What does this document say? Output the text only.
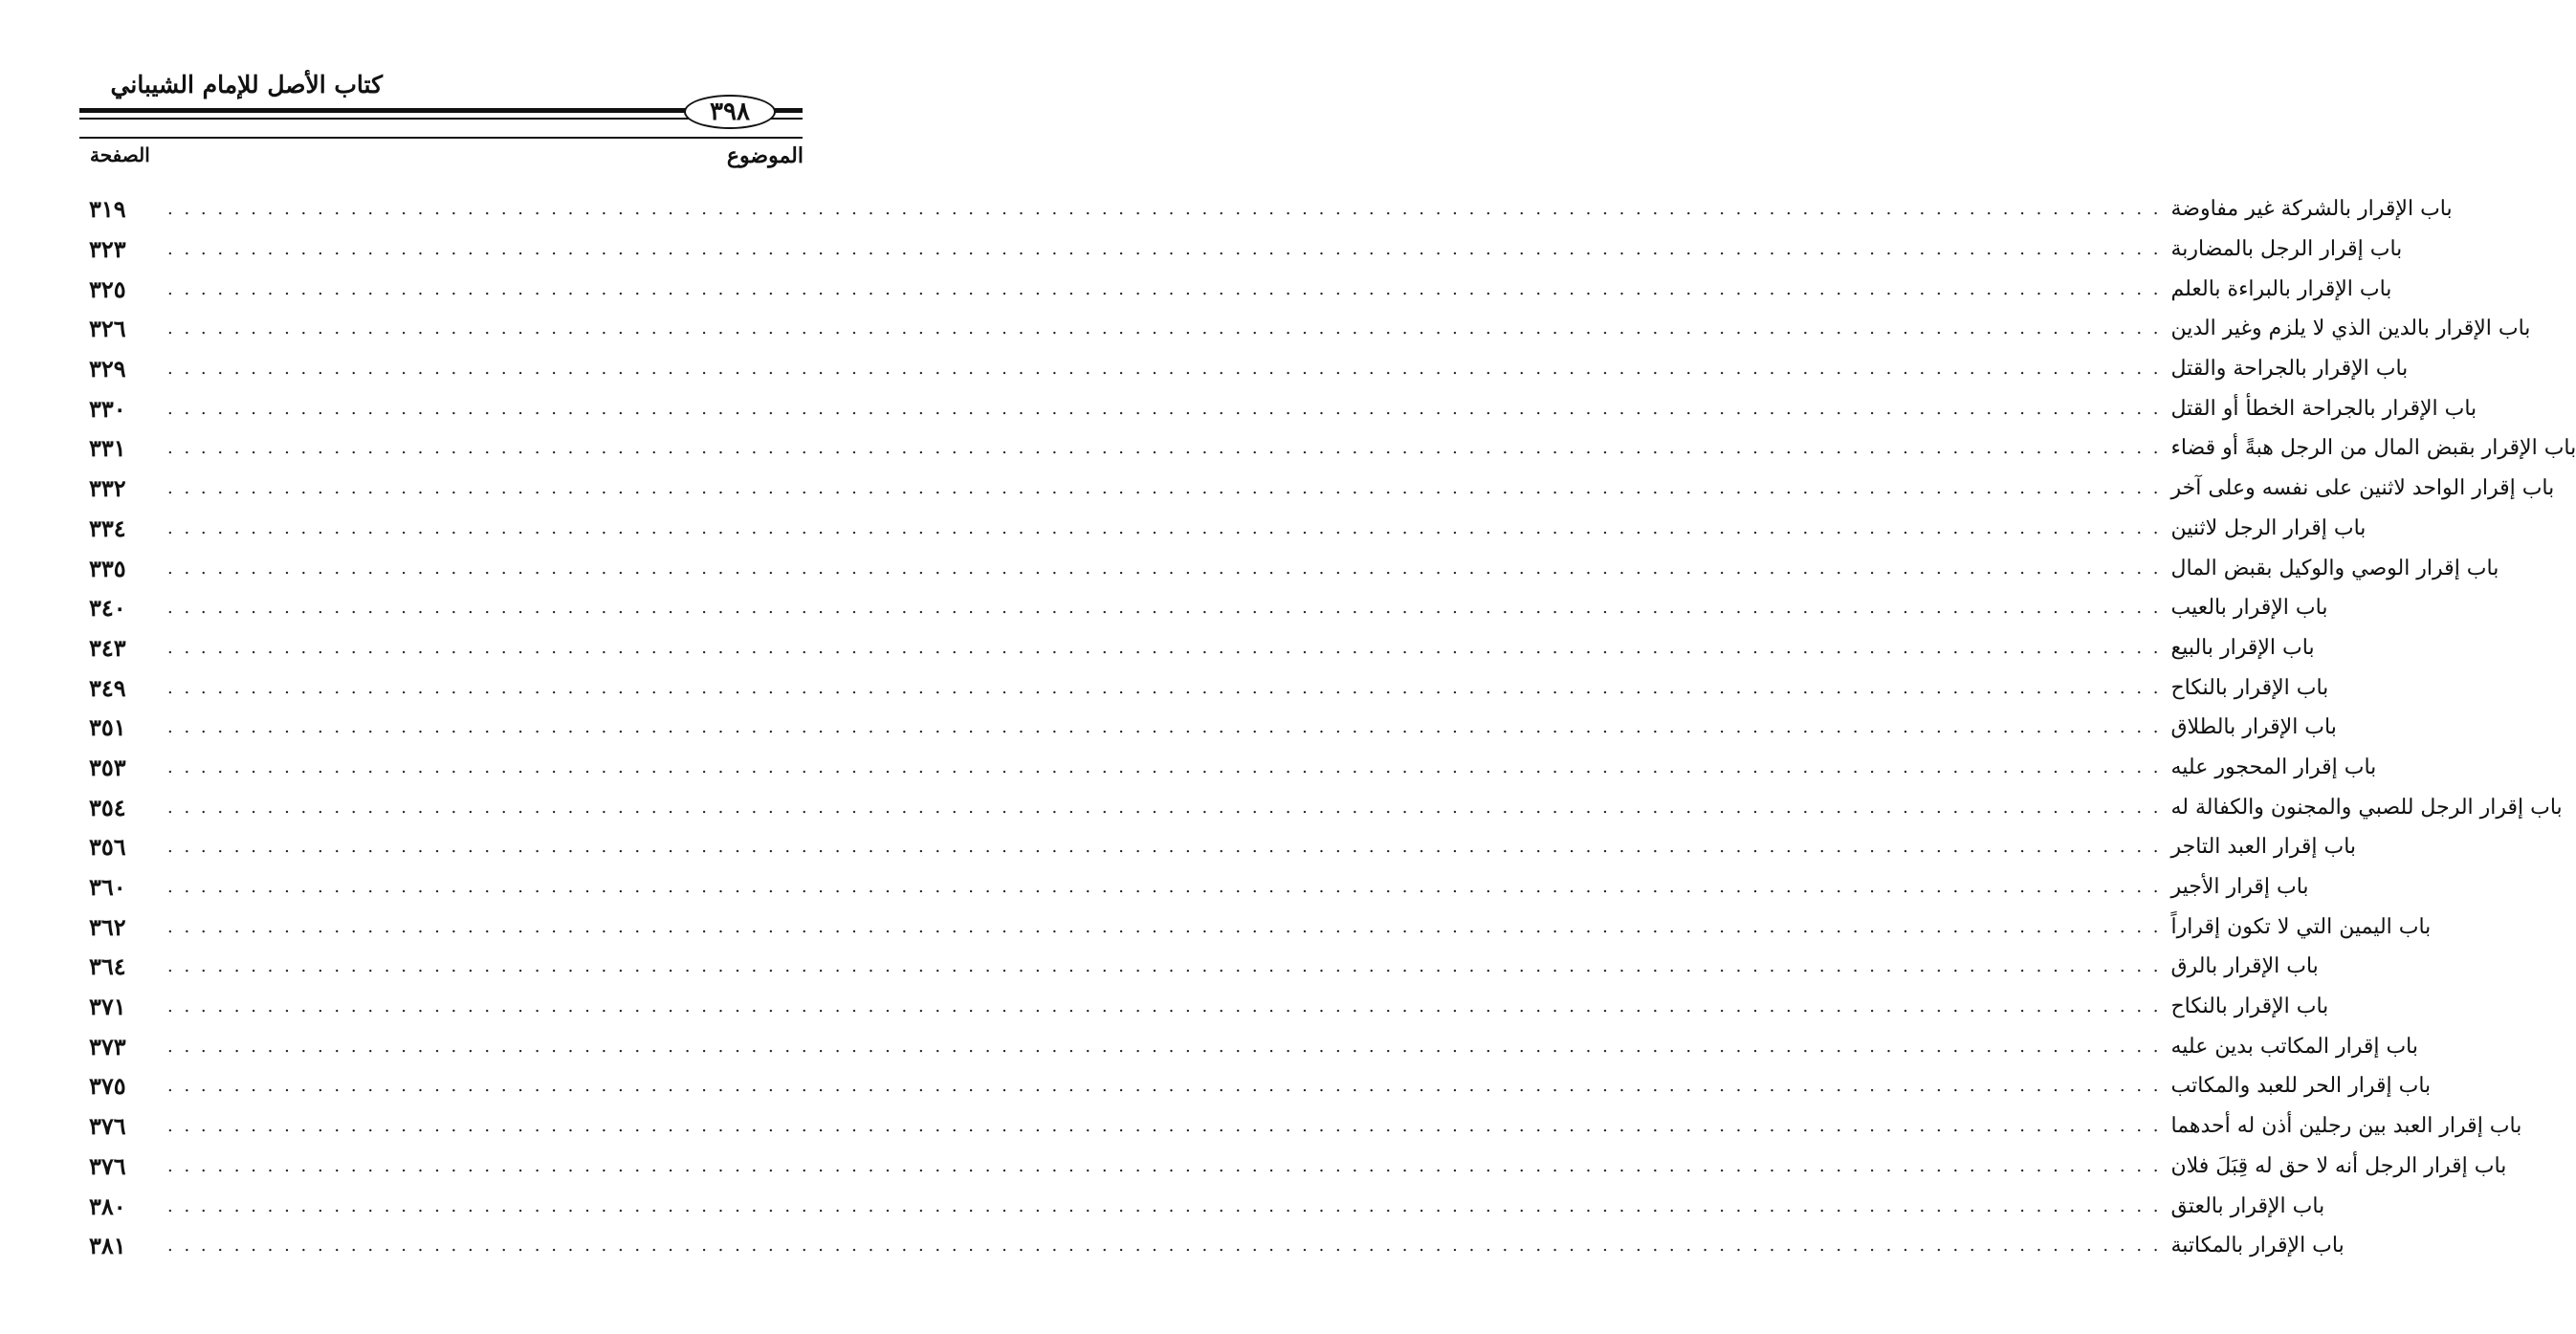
كتاب الأصل للإمام الشيباني
٣٩٨
الموضوع
الصفحة
٣١٩	. . . . . . . . . . . . . . . . . . . . . . . . . . . . . . . . . . . . . . . . . . . . . . . . . . . . . . . . . . . . . . . . . . . . . . . . . . . . . . . . . . . . . . . . . . . . . . . . . . . . . . . . . . . . . . . . . . . . . . . . باب الإقرار بالشركة غير مفاوضة
٣٢٣	. . . . . . . . . . . . . . . . . . . . . . . . . . . . . . . . . . . . . . . . . . . . . . . . . . . . . . . . . . . . . . . . . . . . . . . . . . . . . . . . . . . . . . . . . . . . . . . . . . . . . . . . . . . . . . . . . . . . . . . . باب إقرار الرجل بالمضاربة
٣٢٥	. . . . . . . . . . . . . . . . . . . . . . . . . . . . . . . . . . . . . . . . . . . . . . . . . . . . . . . . . . . . . . . . . . . . . . . . . . . . . . . . . . . . . . . . . . . . . . . . . . . . . . . . . . . . . . . . . . . . . . . . باب الإقرار بالبراءة بالعلم
٣٢٦	. . . . . . . . . . . . . . . . . . . . . . . . . . . . . . . . . . . . . . . . . . . . . . . . . . . . . . . . . . . . . . . . . . . . . . . . . . . . . . . . . . . . . . . . . . . . . . . . . . . . . . . . . . . . . . . . . . . . . . . . باب الإقرار بالدين الذي لا يلزم وغير الدين
٣٢٩	. . . . . . . . . . . . . . . . . . . . . . . . . . . . . . . . . . . . . . . . . . . . . . . . . . . . . . . . . . . . . . . . . . . . . . . . . . . . . . . . . . . . . . . . . . . . . . . . . . . . . . . . . . . . . . . . . . . . . . . . باب الإقرار بالجراحة والقتل
٣٣٠	. . . . . . . . . . . . . . . . . . . . . . . . . . . . . . . . . . . . . . . . . . . . . . . . . . . . . . . . . . . . . . . . . . . . . . . . . . . . . . . . . . . . . . . . . . . . . . . . . . . . . . . . . . . . . . . . . . . . . . . . باب الإقرار بالجراحة الخطأ أو القتل
٣٣١	. . . . . . . . . . . . . . . . . . . . . . . . . . . . . . . . . . . . . . . . . . . . . . . . . . . . . . . . . . . . . . . . . . . . . . . . . . . . . . . . . . . . . . . . . . . . . . . . . . . . . . . . . . . . . . . . . . . . . . . . باب الإقرار بقبض المال من الرجل هبةً أو قضاء
٣٣٢	. . . . . . . . . . . . . . . . . . . . . . . . . . . . . . . . . . . . . . . . . . . . . . . . . . . . . . . . . . . . . . . . . . . . . . . . . . . . . . . . . . . . . . . . . . . . . . . . . . . . . . . . . . . . . . . . . . . . . . . . باب إقرار الواحد لاثنين على نفسه وعلى آخر
٣٣٤	. . . . . . . . . . . . . . . . . . . . . . . . . . . . . . . . . . . . . . . . . . . . . . . . . . . . . . . . . . . . . . . . . . . . . . . . . . . . . . . . . . . . . . . . . . . . . . . . . . . . . . . . . . . . . . . . . . . . . . . . باب إقرار الرجل لاثنين
٣٣٥	. . . . . . . . . . . . . . . . . . . . . . . . . . . . . . . . . . . . . . . . . . . . . . . . . . . . . . . . . . . . . . . . . . . . . . . . . . . . . . . . . . . . . . . . . . . . . . . . . . . . . . . . . . . . . . . . . . . . . . . . باب إقرار الوصي والوكيل بقبض المال
٣٤٠	. . . . . . . . . . . . . . . . . . . . . . . . . . . . . . . . . . . . . . . . . . . . . . . . . . . . . . . . . . . . . . . . . . . . . . . . . . . . . . . . . . . . . . . . . . . . . . . . . . . . . . . . . . . . . . . . . . . . . . . . باب الإقرار بالعيب
٣٤٣	. . . . . . . . . . . . . . . . . . . . . . . . . . . . . . . . . . . . . . . . . . . . . . . . . . . . . . . . . . . . . . . . . . . . . . . . . . . . . . . . . . . . . . . . . . . . . . . . . . . . . . . . . . . . . . . . . . . . . . . . باب الإقرار بالبيع
٣٤٩	. . . . . . . . . . . . . . . . . . . . . . . . . . . . . . . . . . . . . . . . . . . . . . . . . . . . . . . . . . . . . . . . . . . . . . . . . . . . . . . . . . . . . . . . . . . . . . . . . . . . . . . . . . . . . . . . . . . . . . . . باب الإقرار بالنكاح
٣٥١	. . . . . . . . . . . . . . . . . . . . . . . . . . . . . . . . . . . . . . . . . . . . . . . . . . . . . . . . . . . . . . . . . . . . . . . . . . . . . . . . . . . . . . . . . . . . . . . . . . . . . . . . . . . . . . . . . . . . . . . . باب الإقرار بالطلاق
٣٥٣	. . . . . . . . . . . . . . . . . . . . . . . . . . . . . . . . . . . . . . . . . . . . . . . . . . . . . . . . . . . . . . . . . . . . . . . . . . . . . . . . . . . . . . . . . . . . . . . . . . . . . . . . . . . . . . . . . . . . . . . . باب إقرار المحجور عليه
٣٥٤	. . . . . . . . . . . . . . . . . . . . . . . . . . . . . . . . . . . . . . . . . . . . . . . . . . . . . . . . . . . . . . . . . . . . . . . . . . . . . . . . . . . . . . . . . . . . . . . . . . . . . . . . . . . . . . . . . . . . . . . . باب إقرار الرجل للصبي والمجنون والكفالة له
٣٥٦	. . . . . . . . . . . . . . . . . . . . . . . . . . . . . . . . . . . . . . . . . . . . . . . . . . . . . . . . . . . . . . . . . . . . . . . . . . . . . . . . . . . . . . . . . . . . . . . . . . . . . . . . . . . . . . . . . . . . . . . . باب إقرار العبد التاجر
٣٦٠	. . . . . . . . . . . . . . . . . . . . . . . . . . . . . . . . . . . . . . . . . . . . . . . . . . . . . . . . . . . . . . . . . . . . . . . . . . . . . . . . . . . . . . . . . . . . . . . . . . . . . . . . . . . . . . . . . . . . . . . . باب إقرار الأجير
٣٦٢	. . . . . . . . . . . . . . . . . . . . . . . . . . . . . . . . . . . . . . . . . . . . . . . . . . . . . . . . . . . . . . . . . . . . . . . . . . . . . . . . . . . . . . . . . . . . . . . . . . . . . . . . . . . . . . . . . . . . . . . . باب اليمين التي لا تكون إقراراً
٣٦٤	. . . . . . . . . . . . . . . . . . . . . . . . . . . . . . . . . . . . . . . . . . . . . . . . . . . . . . . . . . . . . . . . . . . . . . . . . . . . . . . . . . . . . . . . . . . . . . . . . . . . . . . . . . . . . . . . . . . . . . . . باب الإقرار بالرق
٣٧١	. . . . . . . . . . . . . . . . . . . . . . . . . . . . . . . . . . . . . . . . . . . . . . . . . . . . . . . . . . . . . . . . . . . . . . . . . . . . . . . . . . . . . . . . . . . . . . . . . . . . . . . . . . . . . . . . . . . . . . . . باب الإقرار بالنكاح
٣٧٣	. . . . . . . . . . . . . . . . . . . . . . . . . . . . . . . . . . . . . . . . . . . . . . . . . . . . . . . . . . . . . . . . . . . . . . . . . . . . . . . . . . . . . . . . . . . . . . . . . . . . . . . . . . . . . . . . . . . . . . . . باب إقرار المكاتب بدين عليه
٣٧٥	. . . . . . . . . . . . . . . . . . . . . . . . . . . . . . . . . . . . . . . . . . . . . . . . . . . . . . . . . . . . . . . . . . . . . . . . . . . . . . . . . . . . . . . . . . . . . . . . . . . . . . . . . . . . . . . . . . . . . . . . باب إقرار الحر للعبد والمكاتب
٣٧٦	. . . . . . . . . . . . . . . . . . . . . . . . . . . . . . . . . . . . . . . . . . . . . . . . . . . . . . . . . . . . . . . . . . . . . . . . . . . . . . . . . . . . . . . . . . . . . . . . . . . . . . . . . . . . . . . . . . . . . . . . باب إقرار العبد بين رجلين أذن له أحدهما
٣٧٦	. . . . . . . . . . . . . . . . . . . . . . . . . . . . . . . . . . . . . . . . . . . . . . . . . . . . . . . . . . . . . . . . . . . . . . . . . . . . . . . . . . . . . . . . . . . . . . . . . . . . . . . . . . . . . . . . . . . . . . . . باب إقرار الرجل أنه لا حق له قِبَلَ فلان
٣٨٠	. . . . . . . . . . . . . . . . . . . . . . . . . . . . . . . . . . . . . . . . . . . . . . . . . . . . . . . . . . . . . . . . . . . . . . . . . . . . . . . . . . . . . . . . . . . . . . . . . . . . . . . . . . . . . . . . . . . . . . . . باب الإقرار بالعتق
٣٨١	. . . . . . . . . . . . . . . . . . . . . . . . . . . . . . . . . . . . . . . . . . . . . . . . . . . . . . . . . . . . . . . . . . . . . . . . . . . . . . . . . . . . . . . . . . . . . . . . . . . . . . . . . . . . . . . . . . . . . . . . باب الإقرار بالمكاتبة
